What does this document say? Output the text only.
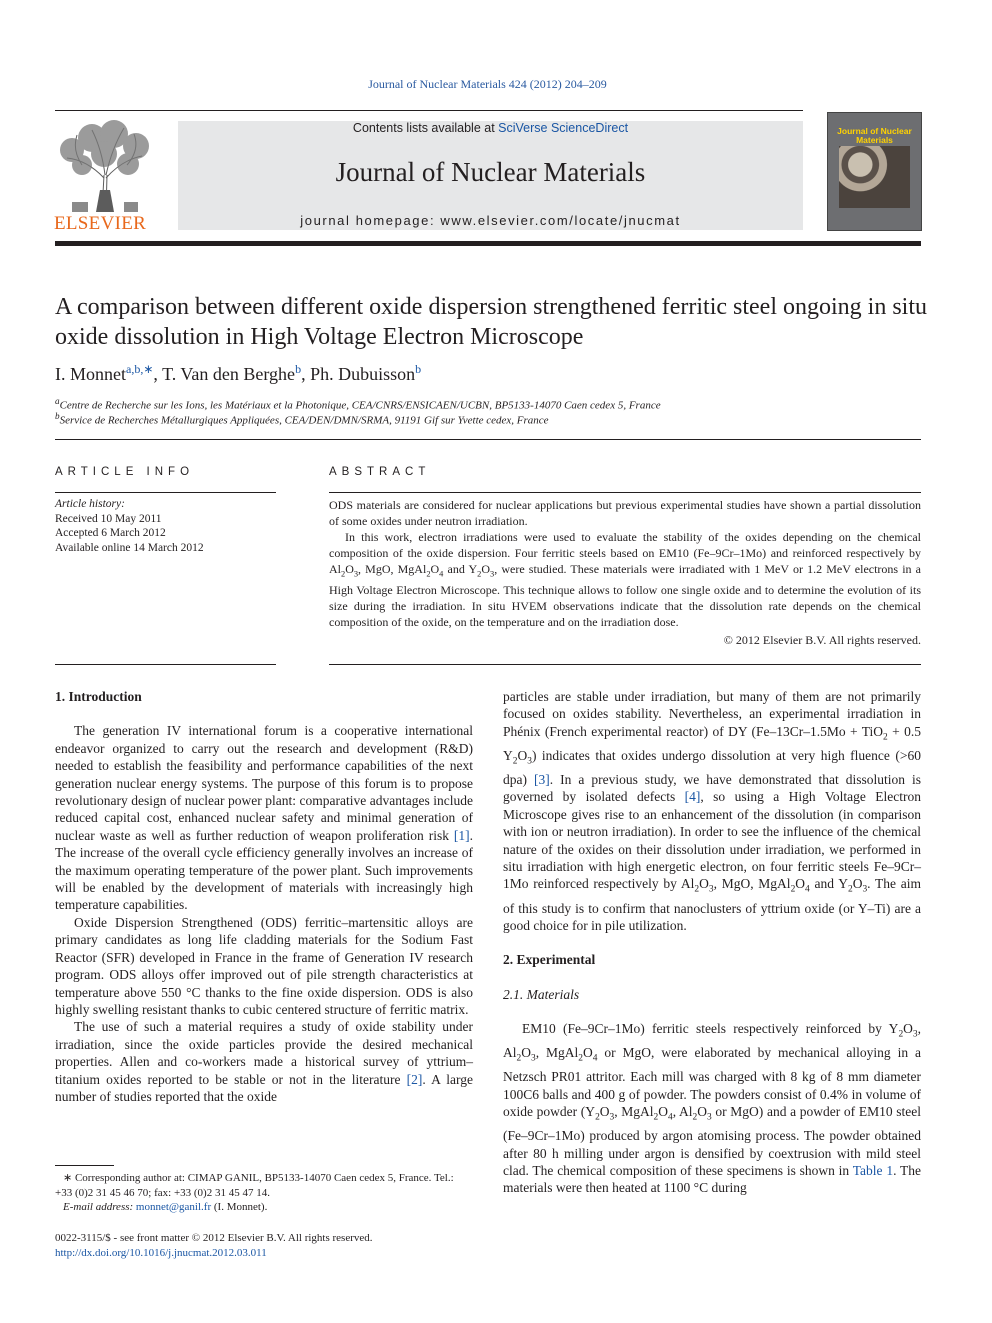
Journal of Nuclear Materials 424 (2012) 204–209
ELSEVIER
Contents lists available at SciVerse ScienceDirect
Journal of Nuclear Materials
journal homepage: www.elsevier.com/locate/jnucmat
Journal of Nuclear Materials
A comparison between different oxide dispersion strengthened ferritic steel ongoing in situ oxide dissolution in High Voltage Electron Microscope
I. Monnet$^{a,b,∗}$, T. Van den Berghe$^b$, Ph. Dubuisson$^b$
$^a$Centre de Recherche sur les Ions, les Matériaux et la Photonique, CEA/CNRS/ENSICAEN/UCBN, BP5133-14070 Caen cedex 5, France
$^b$Service de Recherches Métallurgiques Appliquées, CEA/DEN/DMN/SRMA, 91191 Gif sur Yvette cedex, France
ARTICLE INFO
Article history:
Received 10 May 2011
Accepted 6 March 2012
Available online 14 March 2012
ABSTRACT

ODS materials are considered for nuclear applications but previous experimental studies have shown a partial dissolution of some oxides under neutron irradiation.

In this work, electron irradiations were used to evaluate the stability of the oxides depending on the chemical composition of the oxide dispersion. Four ferritic steels based on EM10 (Fe–9Cr–1Mo) and reinforced respectively by $Al_2O_3$, MgO, $MgAl_2O_4$ and $Y_2O_3$, were studied. These materials were irradiated with 1 MeV or 1.2 MeV electrons in a High Voltage Electron Microscope. This technique allows to follow one single oxide and to determine the evolution of its size during the irradiation. In situ HVEM observations indicate that the dissolution rate depends on the chemical composition of the oxide, on the temperature and on the irradiation dose.

© 2012 Elsevier B.V. All rights reserved.

1. Introduction

The generation IV international forum is a cooperative international endeavor organized to carry out the research and development (R&D) needed to establish the feasibility and performance capabilities of the next generation nuclear energy systems. The purpose of this forum is to propose revolutionary design of nuclear power plant: comparative advantages include reduced capital cost, enhanced nuclear safety and minimal generation of nuclear waste as well as further reduction of weapon proliferation risk [1]. The increase of the overall cycle efficiency generally involves an increase of the maximum operating temperature of the power plant. Such improvements will be enabled by the development of materials with increasingly high temperature capabilities.

Oxide Dispersion Strengthened (ODS) ferritic–martensitic alloys are primary candidates as long life cladding materials for the Sodium Fast Reactor (SFR) developed in France in the frame of Generation IV research program. ODS alloys offer improved out of pile strength characteristics at temperature above 550 °C thanks to the fine oxide dispersion. ODS is also highly swelling resistant thanks to cubic centered structure of ferritic matrix.

The use of such a material requires a study of oxide stability under irradiation, since the oxide particles provide the desired mechanical properties. Allen and co-workers made a historical survey of yttrium–titanium oxides reported to be stable or not in the literature [2]. A large number of studies reported that the oxide

particles are stable under irradiation, but many of them are not primarily focused on oxides stability. Nevertheless, an experimental irradiation in Phénix (French experimental reactor) of DY (Fe–13Cr–1.5Mo + TiO$_2$ + 0.5 $Y_2O_3$) indicates that oxides undergo dissolution at very high fluence (>60 dpa) [3]. In a previous study, we have demonstrated that dissolution is governed by isolated defects [4], so using a High Voltage Electron Microscope gives rise to an enhancement of the dissolution (in comparison with ion or neutron irradiation). In order to see the influence of the chemical nature of the oxides on their dissolution under irradiation, we performed in situ irradiation with high energetic electron, on four ferritic steels Fe–9Cr–1Mo reinforced respectively by $Al_2O_3$, MgO, $MgAl_2O_4$ and $Y_2O_3$. The aim of this study is to confirm that nanoclusters of yttrium oxide (or Y–Ti) are a good choice for in pile utilization.

2. Experimental
2.1. Materials

EM10 (Fe–9Cr–1Mo) ferritic steels respectively reinforced by $Y_2O_3$, $Al_2O_3$, $MgAl_2O_4$ or MgO, were elaborated by mechanical alloying in a Netzsch PR01 attritor. Each mill was charged with 8 kg of 8 mm diameter 100C6 balls and 400 g of powder. The powders consist of 0.4% in volume of oxide powder ($Y_2O_3$, $MgAl_2O_4$, $Al_2O_3$ or MgO) and a powder of EM10 steel (Fe–9Cr–1Mo) produced by argon atomising process. The powder obtained after 80 h milling under argon is densified by coextrusion with mild steel clad. The chemical composition of these specimens is shown in Table 1. The materials were then heated at 1100 °C during

∗ Corresponding author at: CIMAP GANIL, BP5133-14070 Caen cedex 5, France. Tel.: +33 (0)2 31 45 46 70; fax: +33 (0)2 31 45 47 14.
E-mail address: monnet@ganil.fr (I. Monnet).
0022-3115/$ - see front matter © 2012 Elsevier B.V. All rights reserved.
http://dx.doi.org/10.1016/j.jnucmat.2012.03.011
